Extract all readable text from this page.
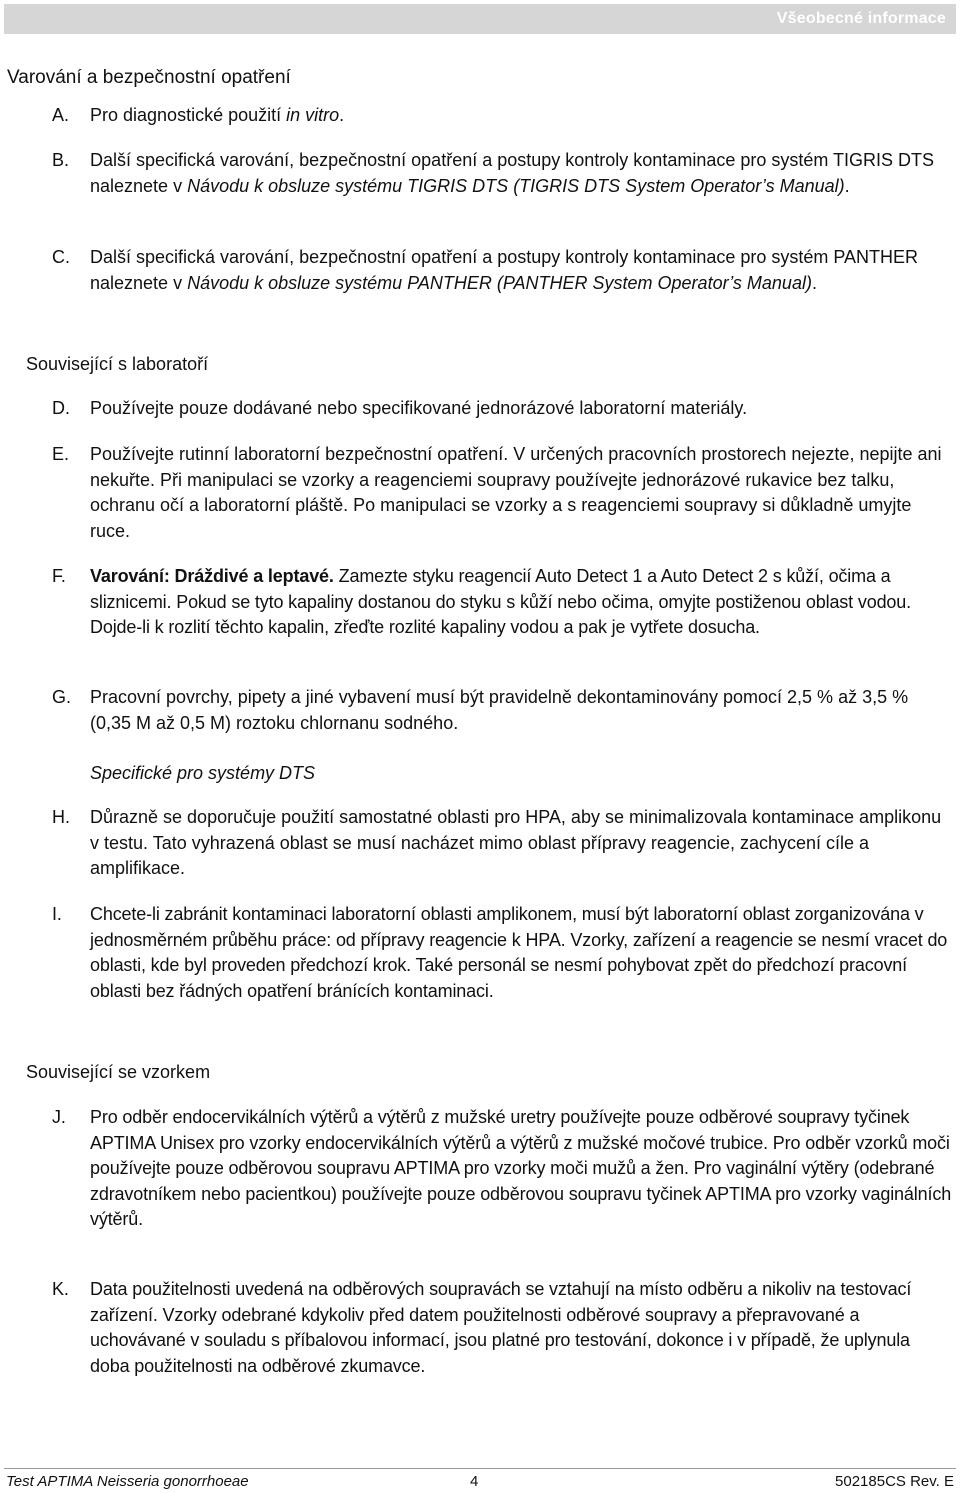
Všeobecné informace
Varování a bezpečnostní opatření
A.	Pro diagnostické použití in vitro.
B.	Další specifická varování, bezpečnostní opatření a postupy kontroly kontaminace pro systém TIGRIS DTS naleznete v Návodu k obsluze systému TIGRIS DTS (TIGRIS DTS System Operator’s Manual).
C.	Další specifická varování, bezpečnostní opatření a postupy kontroly kontaminace pro systém PANTHER naleznete v Návodu k obsluze systému PANTHER (PANTHER System Operator’s Manual).
Související s laboratoří
D.	Používejte pouze dodávané nebo specifikované jednorázové laboratorní materiály.
E.	Používejte rutinní laboratorní bezpečnostní opatření. V určených pracovních prostorech nejezte, nepijte ani nekuřte. Při manipulaci se vzorky a reagenciemi soupravy používejte jednorázové rukavice bez talku, ochranu očí a laboratorní pláště. Po manipulaci se vzorky a s reagenciemi soupravy si důkladně umyjte ruce.
F.	Varování: Dráždivé a leptavé. Zamezte styku reagencií Auto Detect 1 a Auto Detect 2 s kůží, očima a sliznicemi. Pokud se tyto kapaliny dostanou do styku s kůží nebo očima, omyjte postiženou oblast vodou. Dojde-li k rozlití těchto kapalin, zřeďte rozlité kapaliny vodou a pak je vytřete dosucha.
G.	Pracovní povrchy, pipety a jiné vybavení musí být pravidelně dekontaminovány pomocí 2,5 % až 3,5 % (0,35 M až 0,5 M) roztoku chlornanu sodného.
Specifické pro systémy DTS
H.	Důrazně se doporučuje použití samostatné oblasti pro HPA, aby se minimalizovala kontaminace amplikonu v testu. Tato vyhrazená oblast se musí nacházet mimo oblast přípravy reagencie, zachycení cíle a amplifikace.
I.	Chcete-li zabránit kontaminaci laboratorní oblasti amplikonem, musí být laboratorní oblast zorganizována v jednosměrném průběhu práce: od přípravy reagencie k HPA. Vzorky, zařízení a reagencie se nesmí vracet do oblasti, kde byl proveden předchozí krok. Také personál se nesmí pohybovat zpět do předchozí pracovní oblasti bez řádných opatření bránících kontaminaci.
Související se vzorkem
J.	Pro odběr endocervikálních výtěrů a výtěrů z mužské uretry používejte pouze odběrové soupravy tyčinek APTIMA Unisex pro vzorky endocervikálních výtěrů a výtěrů z mužské močové trubice. Pro odběr vzorků moči používejte pouze odběrovou soupravu APTIMA pro vzorky moči mužů a žen. Pro vaginální výtěry (odebrané zdravotníkem nebo pacientkou) používejte pouze odběrovou soupravu tyčinek APTIMA pro vzorky vaginálních výtěrů.
K.	Data použitelnosti uvedená na odběrových soupravách se vztahují na místo odběru a nikoliv na testovací zařízení. Vzorky odebrané kdykoliv před datem použitelnosti odběrové soupravy a přepravované a uchovávané v souladu s příbalovou informací, jsou platné pro testování, dokonce i v případě, že uplynula doba použitelnosti na odběrové zkumavce.
Test APTIMA Neisseria gonorrhoeae	4	502185CS Rev. E
